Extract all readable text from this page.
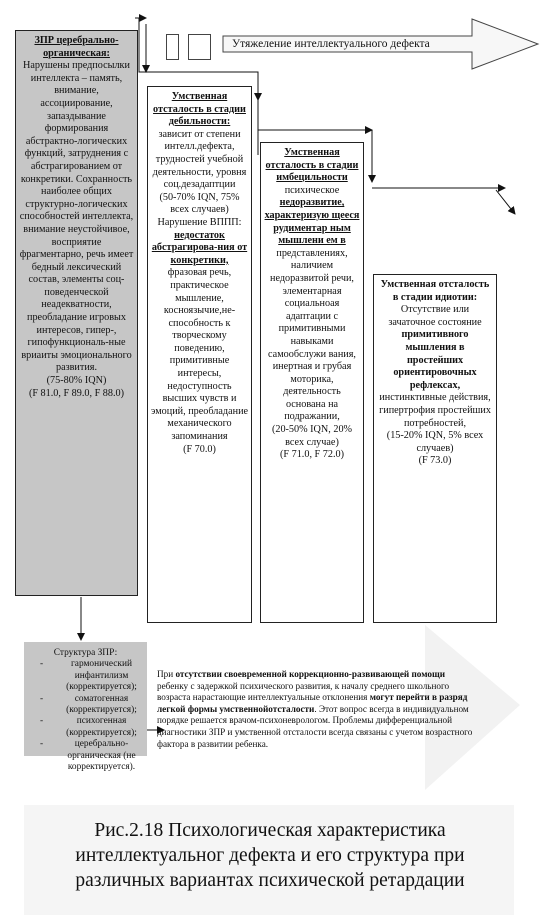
Утяжеление интеллектуального дефекта
ЗПР церебрально-органическая:
Нарушены предпосылки интеллекта – память, внимание, ассоциирование, запаздывание формирования абстрактно-логических функций, затруднения с абстрагированием от конкретики. Сохранность наиболее общих структурно-логических способностей интеллекта, внимание неустойчивое, восприятие фрагментарно, речь имеет бедный лексический состав, элементы соц-поведенческой неадекватности, преобладание игровых интересов, гипер-, гипофункциональ-ные вриаиты эмоционального развития.
(75-80% IQN)
(F 81.0, F 89.0, F 88.0)
Умственная отсталость в стадии дебильности:
зависит от степени интелл.дефекта, трудностей учебной деятельности, уровня соц.дезадаптции
(50-70% IQN, 75% всех случаев)
Нарушение ВППП:
недостаток абстрагирова-ния от конкретики,
фразовая речь, практическое мышление, косноязычие,не-способность к творческому поведению, примитивные интересы, недоступность высших чувств и эмоций, преобладание механического запоминания
(F 70.0)
Умственная отсталость в стадии имбецильности
психическое
недоразвитие, характеризую щееся рудиментар ным мышлени ем в
представлениях, наличием недоразвитой речи, элементарная социальноая адаптации с примитивными навыками самообслужи вания, инертная и грубая моторика, деятельность основана на подражании,
(20-50% IQN, 20% всех случае)
(F 71.0, F 72.0)
Умственная отсталость в стадии идиотии:
Отсутствие или зачаточное состояние
примитивного мышления в простейших ориентировочных рефлексах,
инстинктивные действия, гипертрофия простейших потребностей,
(15-20% IQN, 5% всех случаев)
(F 73.0)
Структура ЗПР:
-	гармонический инфантилизм (корректируется);
-	соматогенная (корректируется);
-	психогенная (корректируется);
-	церебрально-органическая (не корректируется).
При отсутствии своевременной коррекционно-развивающей помощи ребенку с задержкой психического развития, к началу среднего школьного возраста нарастающие интеллектуальные отклонения могут перейти в разряд легкой формы умственнойотсталости. Этот вопрос всегда в индивидуальном порядке решается врачом-психоневрологом. Проблемы дифференциальной диагностики ЗПР и умственной отсталости всегда связаны с учетом возрастного фактора в развитии ребенка.
Рис.2.18 Психологическая характеристика интеллектуальног дефекта и его структура при различных вариантах психической ретардации
